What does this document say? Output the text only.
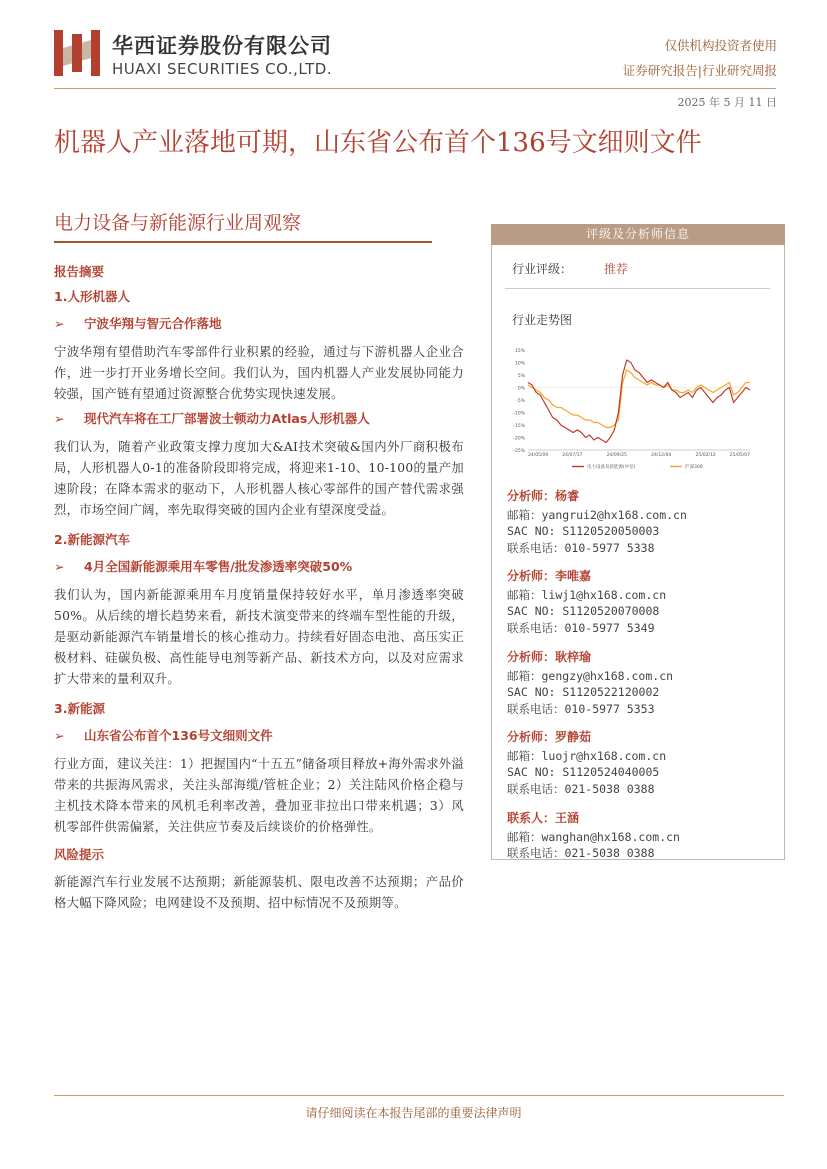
华西证券股份有限公司
HUAXI SECURITIES CO.,LTD.
仅供机构投资者使用
证券研究报告|行业研究周报
2025 年 5 月 11 日
机器人产业落地可期，山东省公布首个136号文细则文件
电力设备与新能源行业周观察
报告摘要
1.人形机器人
➢ 宁波华翔与智元合作落地

宁波华翔有望借助汽车零部件行业积累的经验，通过与下游机器人企业合作，进一步打开业务增长空间。我们认为，国内机器人产业发展协同能力较强，国产链有望通过资源整合优势实现快速发展。

➢ 现代汽车将在工厂部署波士顿动力Atlas人形机器人

我们认为，随着产业政策支撑力度加大&AI技术突破&国内外厂商积极布局，人形机器人0-1的准备阶段即将完成，将迎来1-10、10-100的量产加速阶段；在降本需求的驱动下，人形机器人核心零部件的国产替代需求强烈，市场空间广阔，率先取得突破的国内企业有望深度受益。

2.新能源汽车
➢ 4月全国新能源乘用车零售/批发渗透率突破50%

我们认为，国内新能源乘用车月度销量保持较好水平，单月渗透率突破50%。从后续的增长趋势来看，新技术演变带来的终端车型性能的升级，是驱动新能源汽车销量增长的核心推动力。持续看好固态电池、高压实正极材料、硅碳负极、高性能导电剂等新产品、新技术方向，以及对应需求扩大带来的量利双升。

3.新能源
➢ 山东省公布首个136号文细则文件

行业方面，建议关注：1）把握国内“十五五”储备项目释放+海外需求外溢带来的共振海风需求，关注头部海缆/管桩企业；2）关注陆风价格企稳与主机技术降本带来的风机毛利率改善，叠加亚非拉出口带来机遇；3）风机零部件供需偏紧，关注供应节奏及后续谈价的价格弹性。

风险提示

新能源汽车行业发展不达预期；新能源装机、限电改善不达预期；产品价格大幅下降风险；电网建设不及预期、招中标情况不及预期等。

评级及分析师信息
行业评级：	推荐
行业走势图
15%
10%
5%
0%
-5%
-10%
-15%
-20%
-25%
24/05/09	24/07/17	24/09/25	24/12/04	25/02/12	25/05/07
电力设备及新能源(中信)	沪深300
分析师：杨睿
邮箱：yangrui2@hx168.com.cn
SAC NO: S1120520050003
联系电话：010-5977 5338
分析师：李唯嘉
邮箱：liwj1@hx168.com.cn
SAC NO: S1120520070008
联系电话：010-5977 5349
分析师：耿梓瑜
邮箱：gengzy@hx168.com.cn
SAC NO: S1120522120002
联系电话：010-5977 5353
分析师：罗静茹
邮箱：luojr@hx168.com.cn
SAC NO: S1120524040005
联系电话：021-5038 0388
联系人：王涵
邮箱：wanghan@hx168.com.cn
联系电话：021-5038 0388
请仔细阅读在本报告尾部的重要法律声明
